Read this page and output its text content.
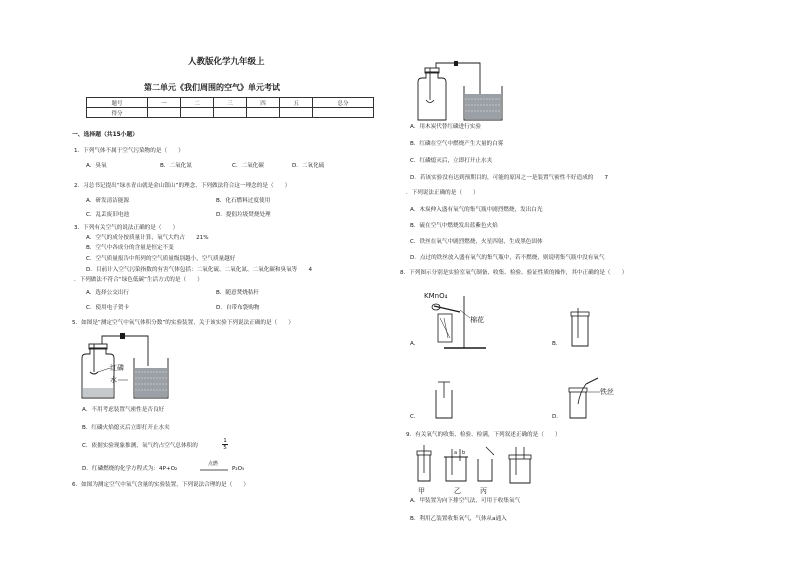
人教版化学九年级上
第二单元《我们周围的空气》单元考试
题号	一	二	三	四	五	总分
得分						
一、选择题（共15小题）
1．下列气体不属于空气污染物的是（　　）
A．臭氧	B．二氧化氮	C．二氧化碳	D．二氧化硫
2．习总书记提出“绿水青山就是金山银山”的理念，下列做法符合这一理念的是（　　）
A．研发清洁能源	B．化石燃料过度使用
C．乱丢废旧电池	D．提倡垃圾焚烧处理
3．下列有关空气的说法正确的是（　　）
A．空气的成分按质量计算，氧气大约占　　21%
B．空气中各成分的含量是恒定不变
C．空气质量报告中所列的空气质量级别越小，空气质量越好
D．目前计入空气污染指数的有害气体包括：二氧化硫、二氧化氮、二氧化碳和臭氧等　　4
．下列做法不符合“绿色低碳”生活方式的是（　　）
A．选择公交出行	B．随意焚烧秸秆
C．使用电子贺卡	D．自带布袋购物
5．如图是“测定空气中氧气体积分数”的实验装置，关于该实验下列说法正确的是（　　）
红磷
水
A．不用考虑装置气密性是否良好
B．红磷火焰熄灭后立即打开止水夹
C．依据实验现象推测，氧气约占空气总体积的
1

5
D．红磷燃烧的化学方程式为：4P+O₂
点燃
P₂O₅
6．如图为测定空气中氧气含量的实验装置，下列说法合理的是（　　）
A．用木炭代替红磷进行实验
B．红磷在空气中燃烧产生大量的白雾
C．红磷熄灭后，立即打开止水夹
D．若该实验没有达到预期目的，可能的原因之一是装置气密性不好造成的　　7
．下列说法正确的是（　　）
A．木炭伸入盛有氧气的集气瓶中剧烈燃烧，发出白光
B．硫在空气中燃烧发出蓝紫色火焰
C．铁丝在氧气中剧烈燃烧，火星四射，生成黑色固体
D．点过的铁丝放入盛有氧气的集气瓶中，若不燃烧，则说明集气瓶中没有氧气
8．下列图示分别是实验室氧气制备、收集、检验、验证性质的操作，其中正确的是（　　）
KMnO₄
棉花
A．	B．
C．
铁丝
D．
9．有关氧气的收集、检验、检满，下列叙述正确的是（　　）
甲
a b
乙	丙
A．甲装置为向下排空气法，可用于收集氧气
B．利用乙装置收集氧气，气体从a通入
